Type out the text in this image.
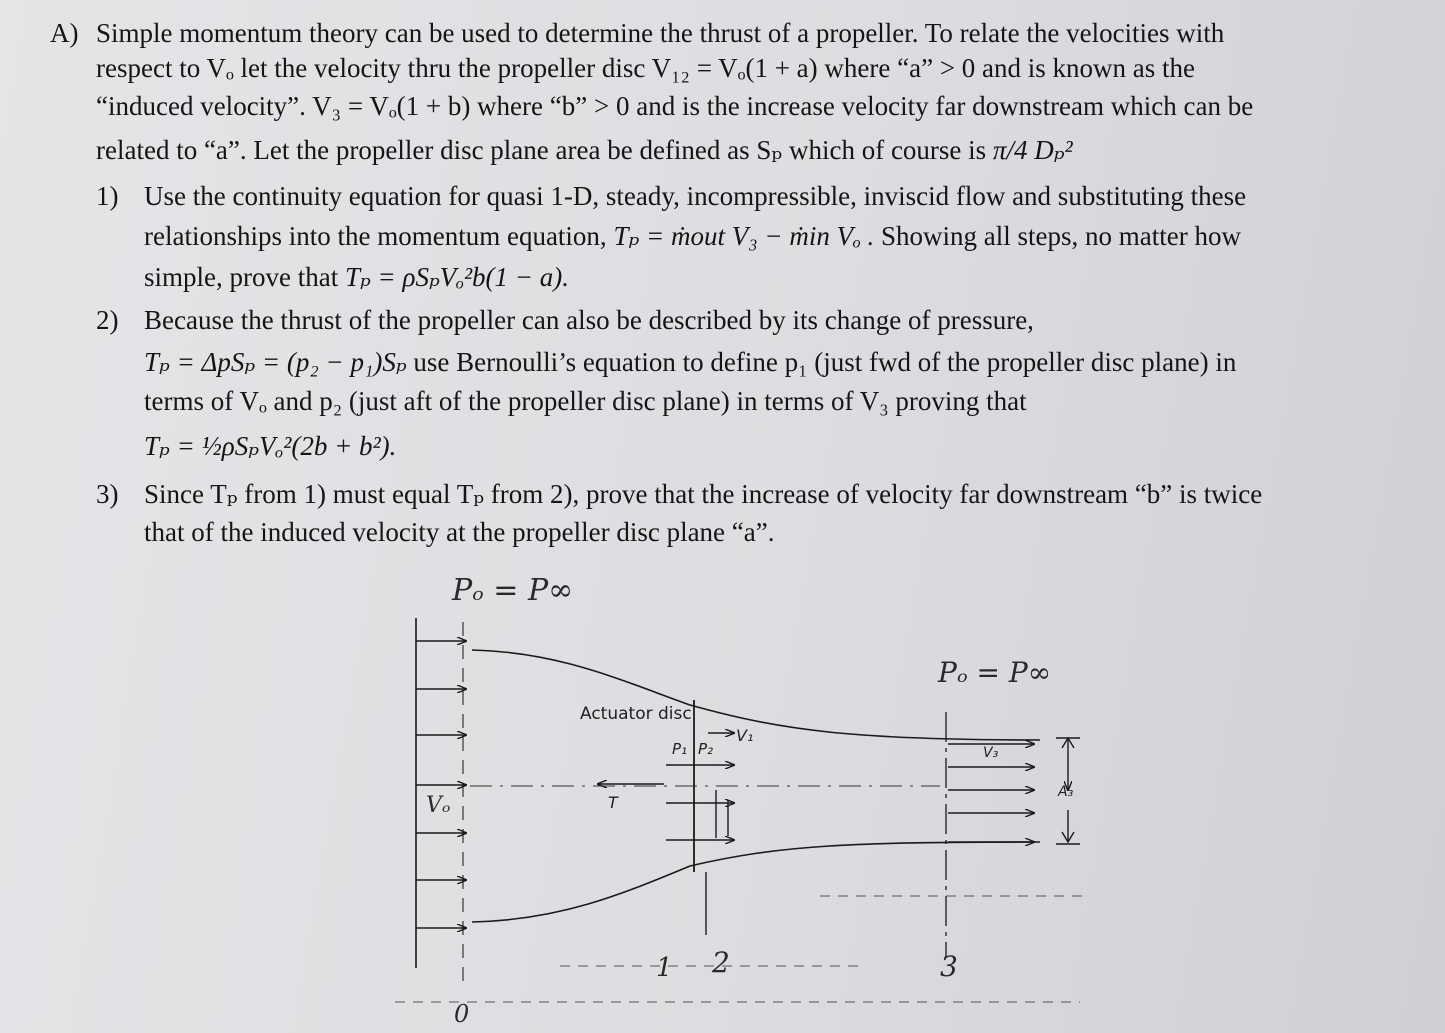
A) Simple momentum theory can be used to determine the thrust of a propeller. To relate the velocities with
respect to Vₒ let the velocity thru the propeller disc V₁₂ = Vₒ(1 + a) where “a” > 0 and is known as the
“induced velocity”. V₃ = Vₒ(1 + b) where “b” > 0 and is the increase velocity far downstream which can be
related to “a”. Let the propeller disc plane area be defined as Sₚ which of course is π/4 Dₚ²
1) Use the continuity equation for quasi 1-D, steady, incompressible, inviscid flow and substituting these
relationships into the momentum equation, Tₚ = ṁout V₃ − ṁin Vₒ . Showing all steps, no matter how
simple, prove that Tₚ = ρSₚVₒ²b(1 − a).
2) Because the thrust of the propeller can also be described by its change of pressure,
Tₚ = ΔpSₚ = (p₂ − p₁)Sₚ use Bernoulli’s equation to define p₁ (just fwd of the propeller disc plane) in
terms of Vₒ and p₂ (just aft of the propeller disc plane) in terms of V₃ proving that
Tₚ = ½ρSₚVₒ²(2b + b²).
3) Since Tₚ from 1) must equal Tₚ from 2), prove that the increase of velocity far downstream “b” is twice
that of the induced velocity at the propeller disc plane “a”.
Actuator disc
V₁
P₁ P₂
T
V₃
A₃
Vₒ
Pₒ = P∞
Pₒ = P∞
0
1 2	3
